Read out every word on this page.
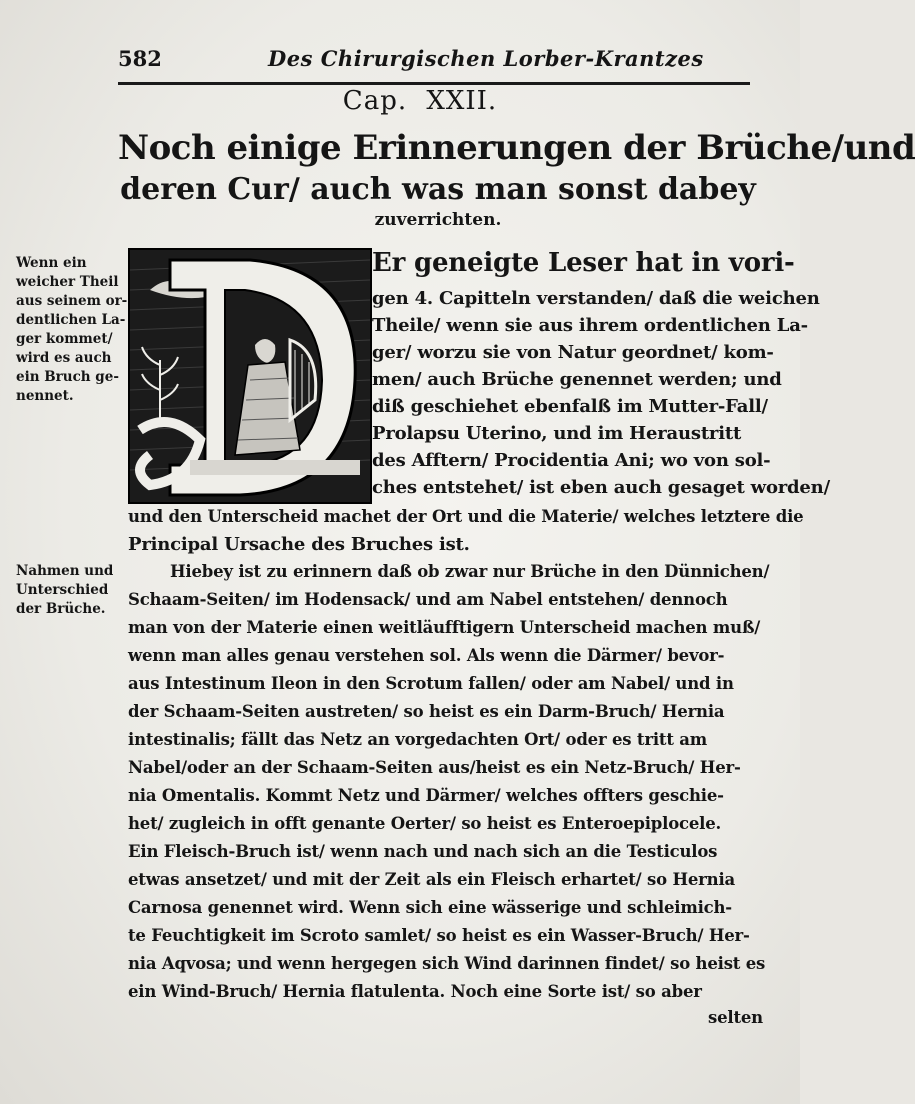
582	Des Chirurgischen Lorber-Krantzes
Cap. XXII.
Noch einige Erinnerungen der Brüche/und
deren Cur/ auch was man sonst dabey
zuverrichten.
Wenn ein
weicher Theil
aus seinem or-
dentlichen La-
ger kommet/
wird es auch
ein Bruch ge-
nennet.
Nahmen und
Unterschied
der Brüche.
Er geneigte Leser hat in vori-
gen 4. Capitteln verstanden/ daß die weichen
Theile/ wenn sie aus ihrem ordentlichen La-
ger/ worzu sie von Natur geordnet/ kom-
men/ auch Brüche genennet werden; und
diß geschiehet ebenfalß im Mutter-Fall/
Prolapsu Uterino, und im Heraustritt
des Afftern/ Procidentia Ani; wo von sol-
ches entstehet/ ist eben auch gesaget worden/
und den Unterscheid machet der Ort und die Materie/ welches letztere die
Principal Ursache des Bruches ist.
Hiebey ist zu erinnern daß ob zwar nur Brüche in den Dünnichen/
Schaam-Seiten/ im Hodensack/ und am Nabel entstehen/ dennoch
man von der Materie einen weitläufftigern Unterscheid machen muß/
wenn man alles genau verstehen sol. Als wenn die Därmer/ bevor-
aus Intestinum Ileon in den Scrotum fallen/ oder am Nabel/ und in
der Schaam-Seiten austreten/ so heist es ein Darm-Bruch/ Hernia
intestinalis; fällt das Netz an vorgedachten Ort/ oder es tritt am
Nabel/oder an der Schaam-Seiten aus/heist es ein Netz-Bruch/ Her-
nia Omentalis. Kommt Netz und Därmer/ welches offters geschie-
het/ zugleich in offt genante Oerter/ so heist es Enteroepiplocele.
Ein Fleisch-Bruch ist/ wenn nach und nach sich an die Testiculos
etwas ansetzet/ und mit der Zeit als ein Fleisch erhartet/ so Hernia
Carnosa genennet wird. Wenn sich eine wässerige und schleimich-
te Feuchtigkeit im Scroto samlet/ so heist es ein Wasser-Bruch/ Her-
nia Aqvosa; und wenn hergegen sich Wind darinnen findet/ so heist es
ein Wind-Bruch/ Hernia flatulenta. Noch eine Sorte ist/ so aber
selten
